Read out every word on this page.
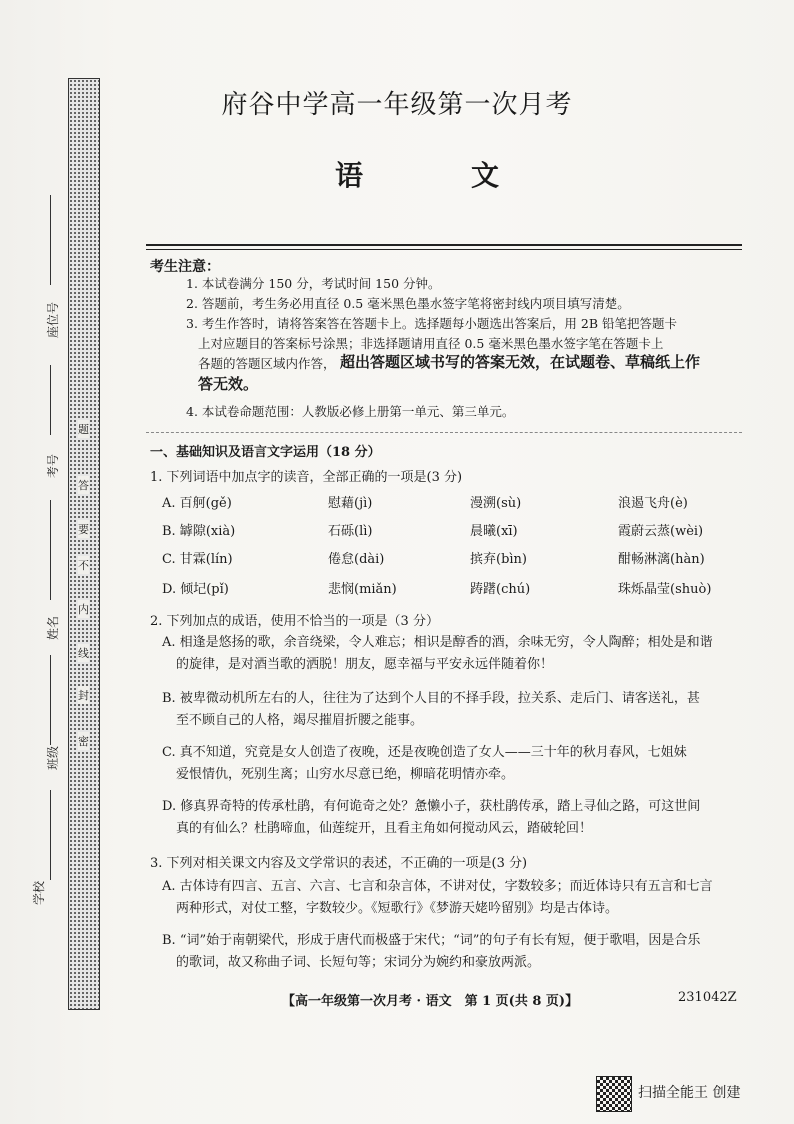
题
答
要
不
内
线
封
密
座位号
考号
姓名
班级
学校

府谷中学高一年级第一次月考
语　文
考生注意：
1. 本试卷满分 150 分，考试时间 150 分钟。
2. 答题前，考生务必用直径 0.5 毫米黑色墨水签字笔将密封线内项目填写清楚。
3. 考生作答时，请将答案答在答题卡上。选择题每小题选出答案后，用 2B 铅笔把答题卡
上对应题目的答案标号涂黑；非选择题请用直径 0.5 毫米黑色墨水签字笔在答题卡上
各题的答题区域内作答， 超出答题区域书写的答案无效，在试题卷、草稿纸上作
答无效。
4. 本试卷命题范围：人教版必修上册第一单元、第三单元。
一、基础知识及语言文字运用（18 分）
1. 下列词语中加点字的读音，全部正确的一项是(3 分)
A. 百舸(gě)	慰藉(jì)	漫溯(sù)	浪遏飞舟(è)
B. 罅隙(xià)	石砾(lì)	晨曦(xī)	霞蔚云蒸(wèi)
C. 甘霖(lín)	倦怠(dài)	摈弃(bìn)	酣畅淋漓(hàn)
D. 倾圮(pǐ)	悲悯(miǎn)	踌躇(chú)	珠烁晶莹(shuò)
2. 下列加点的成语，使用不恰当的一项是（3 分）
A. 相逢是悠扬的歌，余音绕梁，令人难忘；相识是醇香的酒，余味无穷，令人陶醉；相处是和谐
的旋律，是对酒当歌的洒脱！朋友，愿幸福与平安永远伴随着你！
B. 被卑微动机所左右的人，往往为了达到个人目的不择手段，拉关系、走后门、请客送礼，甚
至不顾自己的人格，竭尽摧眉折腰之能事。
C. 真不知道，究竟是女人创造了夜晚，还是夜晚创造了女人——三十年的秋月春风，七姐妹
爱恨情仇，死别生离；山穷水尽意已绝，柳暗花明情亦牵。
D. 修真界奇特的传承杜鹃，有何诡奇之处？惫懒小子，获杜鹃传承，踏上寻仙之路，可这世间
真的有仙么？杜鹃啼血，仙莲绽开，且看主角如何搅动风云，踏破轮回！
3. 下列对相关课文内容及文学常识的表述，不正确的一项是(3 分)
A. 古体诗有四言、五言、六言、七言和杂言体，不讲对仗，字数较多；而近体诗只有五言和七言
两种形式，对仗工整，字数较少。《短歌行》《梦游天姥吟留别》均是古体诗。
B. “词”始于南朝梁代，形成于唐代而极盛于宋代；“词”的句子有长有短，便于歌唱，因是合乐
的歌词，故又称曲子词、长短句等；宋词分为婉约和豪放两派。
【高一年级第一次月考 · 语文　第 1 页(共 8 页)】	231042Z
扫描全能王 创建
